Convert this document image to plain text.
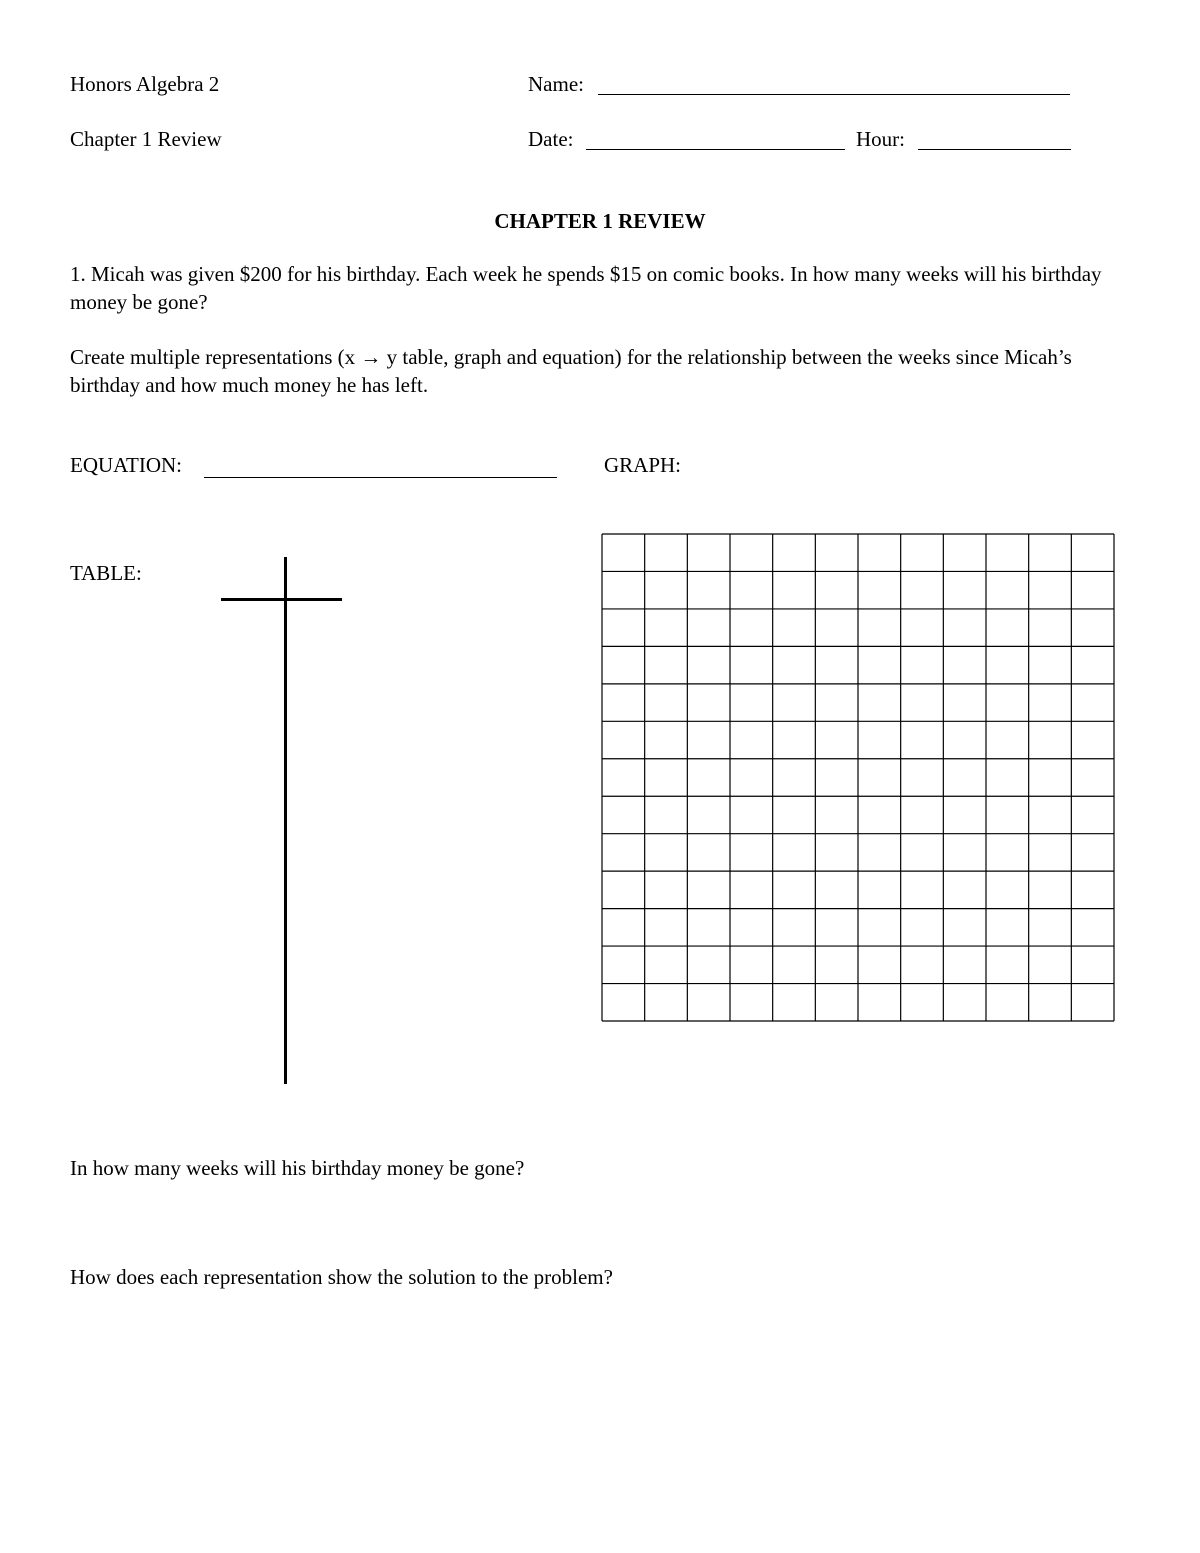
Honors Algebra 2	Name:
Chapter 1 Review	Date:	Hour:
CHAPTER 1 REVIEW
1. Micah was given $200 for his birthday. Each week he spends $15 on comic books. In how many weeks will his birthday money be gone?
Create multiple representations (x → y table, graph and equation) for the relationship between the weeks since Micah’s birthday and how much money he has left.
EQUATION:	GRAPH:
TABLE:
In how many weeks will his birthday money be gone?
How does each representation show the solution to the problem?
